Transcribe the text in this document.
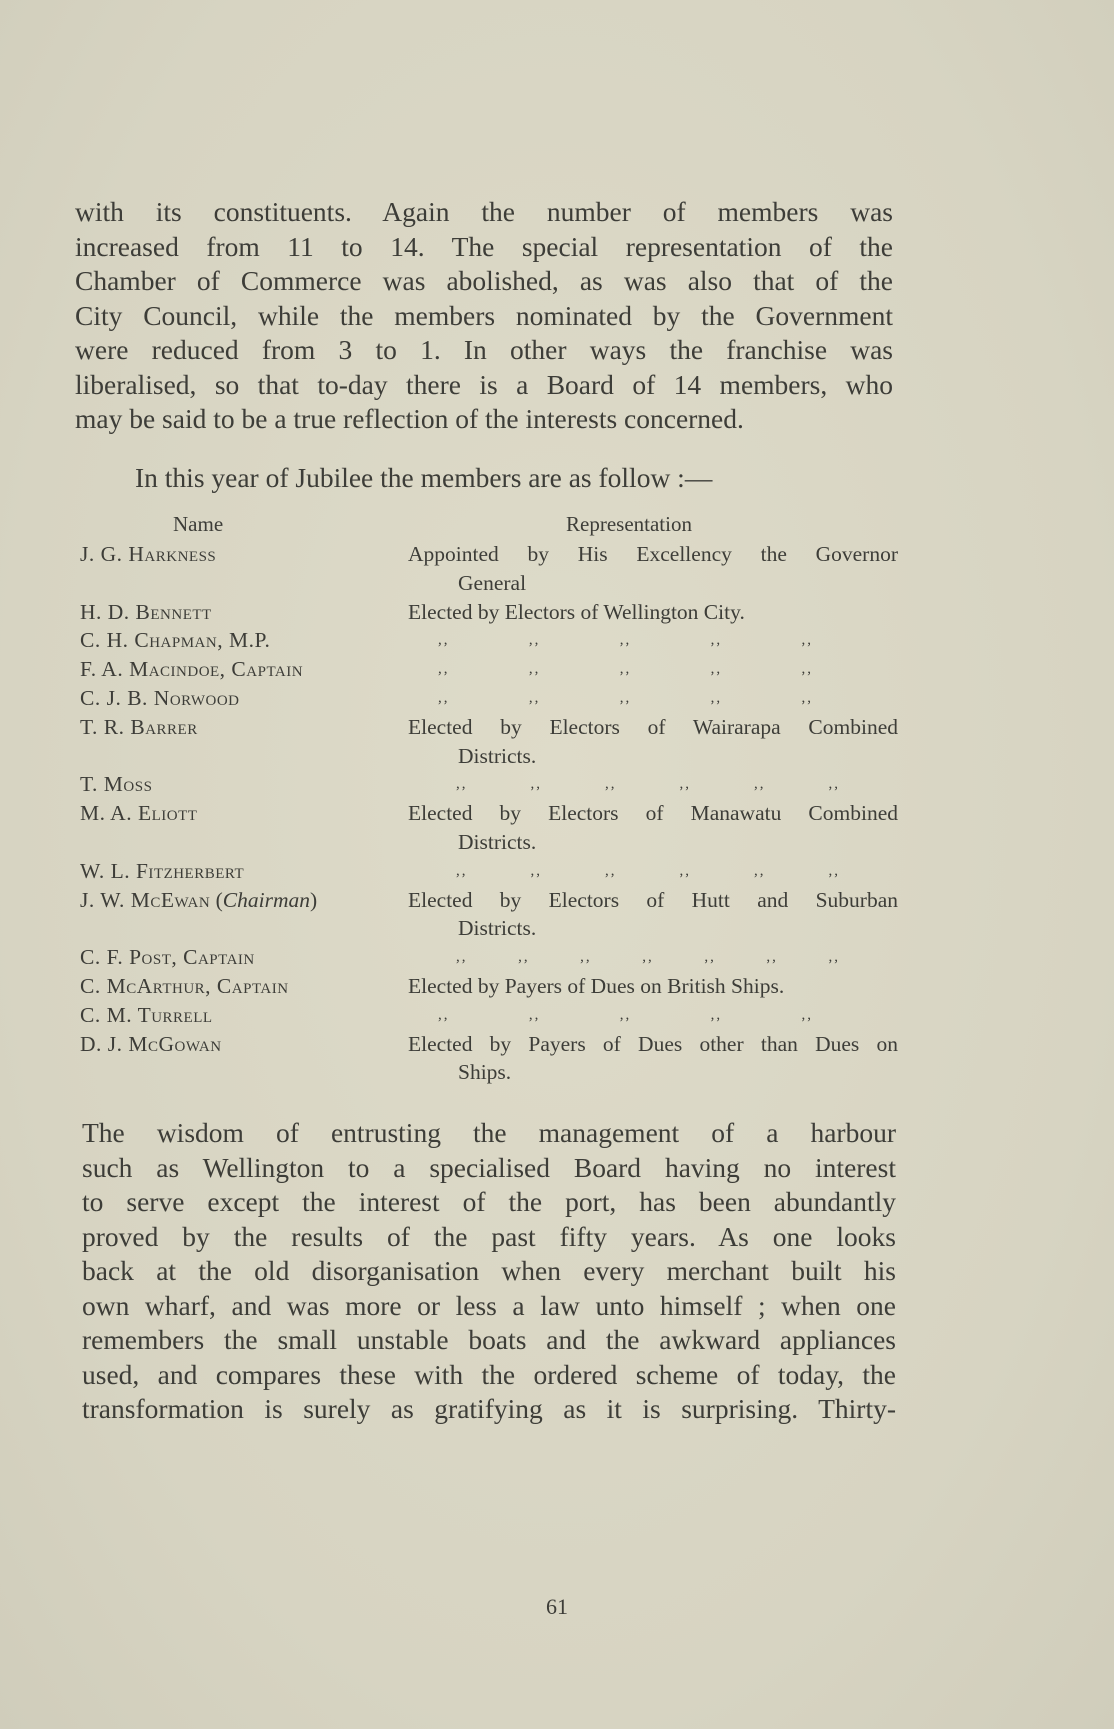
with its constituents. Again the number of members was
increased from 11 to 14. The special representation of the
Chamber of Commerce was abolished, as was also that of the
City Council, while the members nominated by the Government
were reduced from 3 to 1. In other ways the franchise was
liberalised, so that to-day there is a Board of 14 members, who
may be said to be a true reflection of the interests concerned.
In this year of Jubilee the members are as follow :—
Name	Representation
J. G. Harkness	Appointed by His Excellency the Governor
General
H. D. Bennett	Elected by Electors of Wellington City.
C. H. Chapman, M.P.	,,	,,	,,	,,	,,
F. A. Macindoe, Captain	,,	,,	,,	,,	,,
C. J. B. Norwood	,,	,,	,,	,,	,,
T. R. Barrer	Elected by Electors of Wairarapa Combined
Districts.
T. Moss	,,	,,	,,	,,	,,	,,
M. A. Eliott	Elected by Electors of Manawatu Combined
Districts.
W. L. Fitzherbert	,,	,,	,,	,,	,,	,,
J. W. McEwan (Chairman)	Elected by Electors of Hutt and Suburban
Districts.
C. F. Post, Captain	,,	,,	,,	,,	,,	,,	,,
C. McArthur, Captain	Elected by Payers of Dues on British Ships.
C. M. Turrell	,,	,,	,,	,,	,,
D. J. McGowan	Elected by Payers of Dues other than Dues on
Ships.
The wisdom of entrusting the management of a harbour
such as Wellington to a specialised Board having no interest
to serve except the interest of the port, has been abundantly
proved by the results of the past fifty years. As one looks
back at the old disorganisation when every merchant built his
own wharf, and was more or less a law unto himself ; when one
remembers the small unstable boats and the awkward appliances
used, and compares these with the ordered scheme of today, the
transformation is surely as gratifying as it is surprising. Thirty-
61
